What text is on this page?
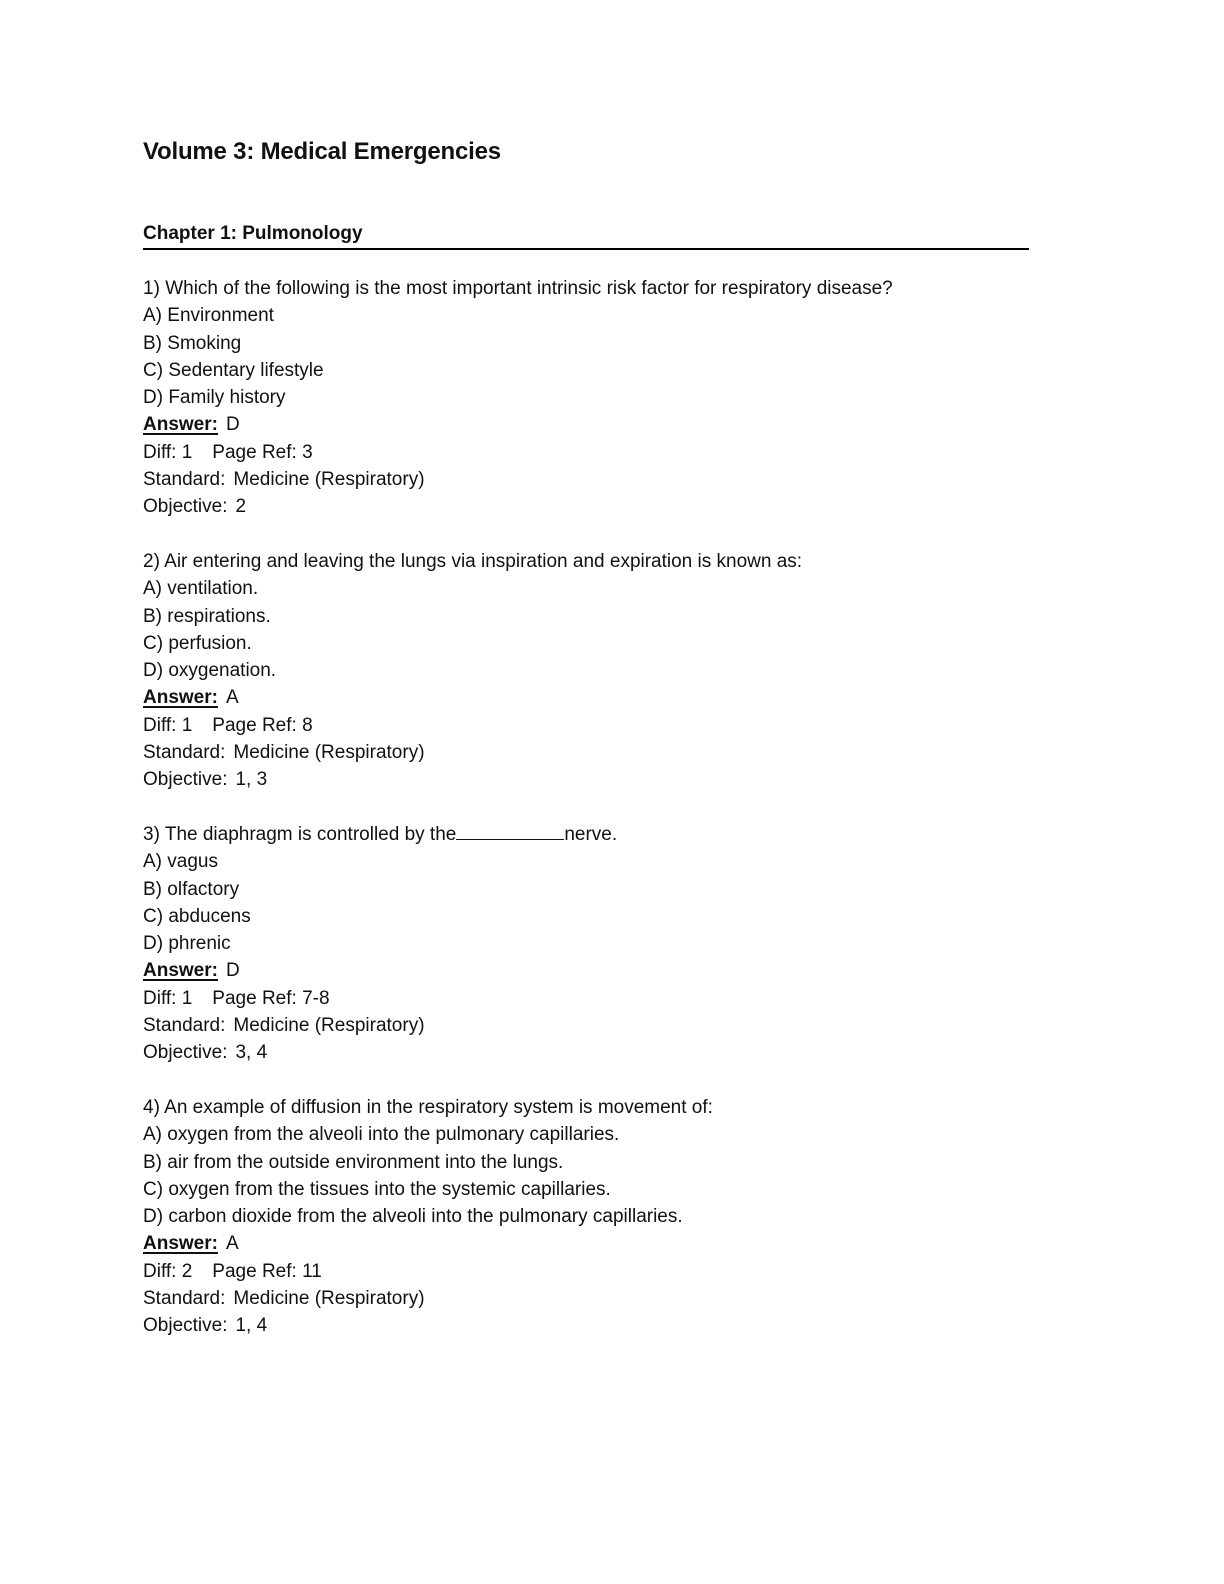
Volume 3: Medical Emergencies
Chapter 1: Pulmonology
1) Which of the following is the most important intrinsic risk factor for respiratory disease?
A) Environment
B) Smoking
C) Sedentary lifestyle
D) Family history
Answer: D
Diff: 1 Page Ref: 3
Standard: Medicine (Respiratory)
Objective: 2
2) Air entering and leaving the lungs via inspiration and expiration is known as:
A) ventilation.
B) respirations.
C) perfusion.
D) oxygenation.
Answer: A
Diff: 1 Page Ref: 8
Standard: Medicine (Respiratory)
Objective: 1, 3
3) The diaphragm is controlled by the	nerve.
A) vagus
B) olfactory
C) abducens
D) phrenic
Answer: D
Diff: 1 Page Ref: 7-8
Standard: Medicine (Respiratory)
Objective: 3, 4
4) An example of diffusion in the respiratory system is movement of:
A) oxygen from the alveoli into the pulmonary capillaries.
B) air from the outside environment into the lungs.
C) oxygen from the tissues into the systemic capillaries.
D) carbon dioxide from the alveoli into the pulmonary capillaries.
Answer: A
Diff: 2 Page Ref: 11
Standard: Medicine (Respiratory)
Objective: 1, 4
